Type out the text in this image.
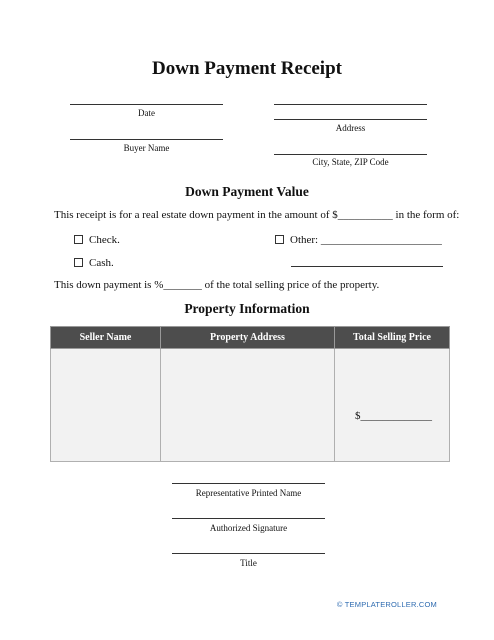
Down Payment Receipt
Date
Buyer Name
Address
City, State, ZIP Code
Down Payment Value
This receipt is for a real estate down payment in the amount of $__________ in the form of:
Check.	Other: ______________________
Cash.
This down payment is %_______ of the total selling price of the property.
Property Information
Seller Name	Property Address	Total Selling Price
		$_____________
Representative Printed Name
Authorized Signature
Title
© TEMPLATEROLLER.COM
